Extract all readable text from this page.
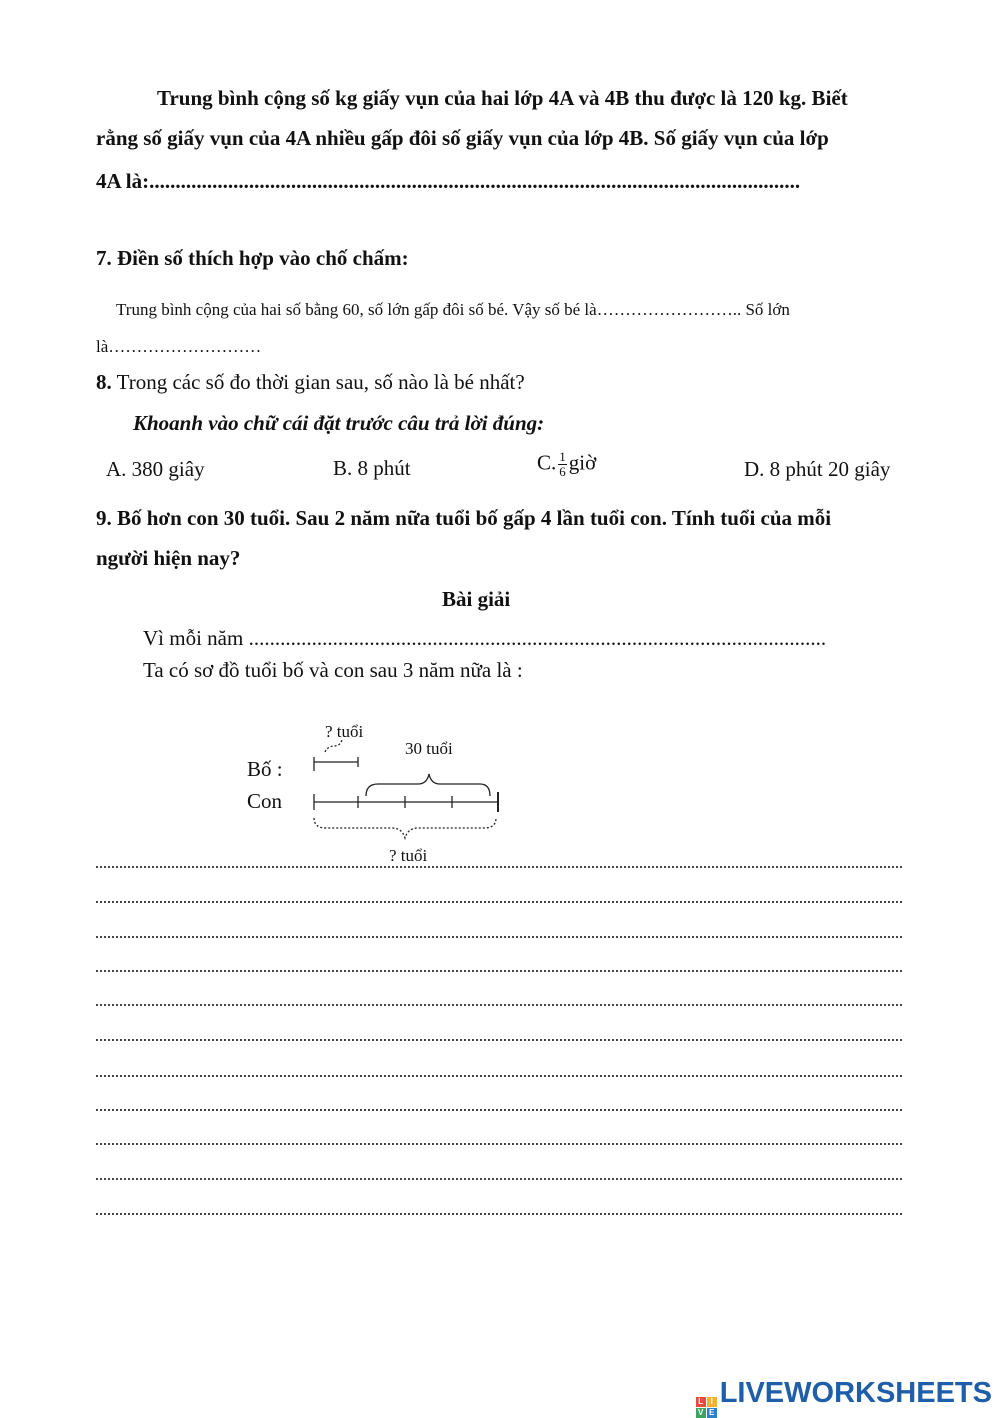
Trung bình cộng số kg giấy vụn của hai lớp 4A và 4B thu được là 120 kg. Biết
rằng số giấy vụn của 4A nhiều gấp đôi số giấy vụn của lớp 4B. Số giấy vụn của lớp
4A là:............................................................................................................................
7. Điền số thích hợp vào chố chấm:
Trung bình cộng của hai số bằng 60, số lớn gấp đôi số bé. Vậy số bé là…………………….. Số lớn
là………………………
8. Trong các số đo thời gian sau, số nào là bé nhất?
Khoanh vào chữ cái đặt trước câu trả lời đúng:
A. 380 giây	B. 8 phút	C. $\frac{1}{6}$ giờ	D. 8 phút 20 giây
9. Bố hơn con 30 tuổi. Sau 2 năm nữa tuổi bố gấp 4 lần tuổi con. Tính tuổi của mỗi
người hiện nay?
Bài giải
Vì mỗi năm ..............................................................................................................
Ta có sơ đồ tuổi bố và con sau 3 năm nữa là :
? tuổi
30 tuổi
Bố :
Con
? tuổi
L I
V E
LIVEWORKSHEETS
